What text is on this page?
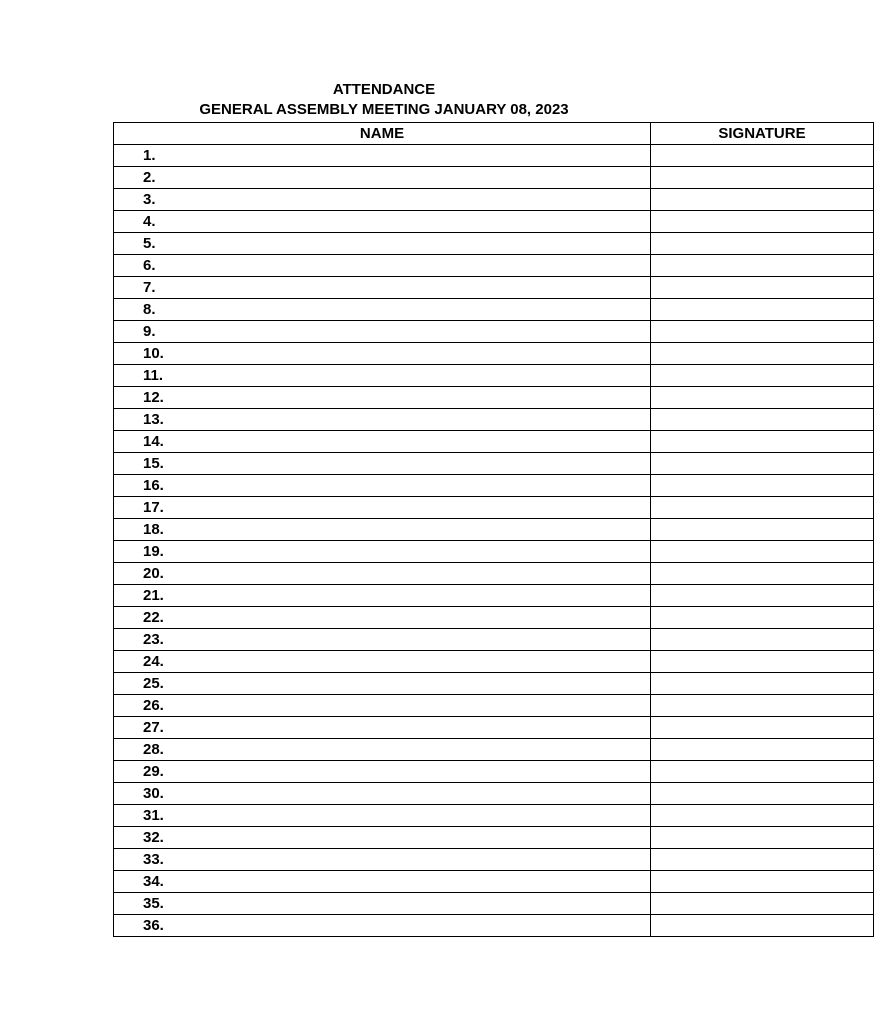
ATTENDANCE
GENERAL ASSEMBLY MEETING JANUARY 08, 2023
NAME	SIGNATURE
1.	
2.	
3.	
4.	
5.	
6.	
7.	
8.	
9.	
10.	
11.	
12.	
13.	
14.	
15.	
16.	
17.	
18.	
19.	
20.	
21.	
22.	
23.	
24.	
25.	
26.	
27.	
28.	
29.	
30.	
31.	
32.	
33.	
34.	
35.	
36.	
